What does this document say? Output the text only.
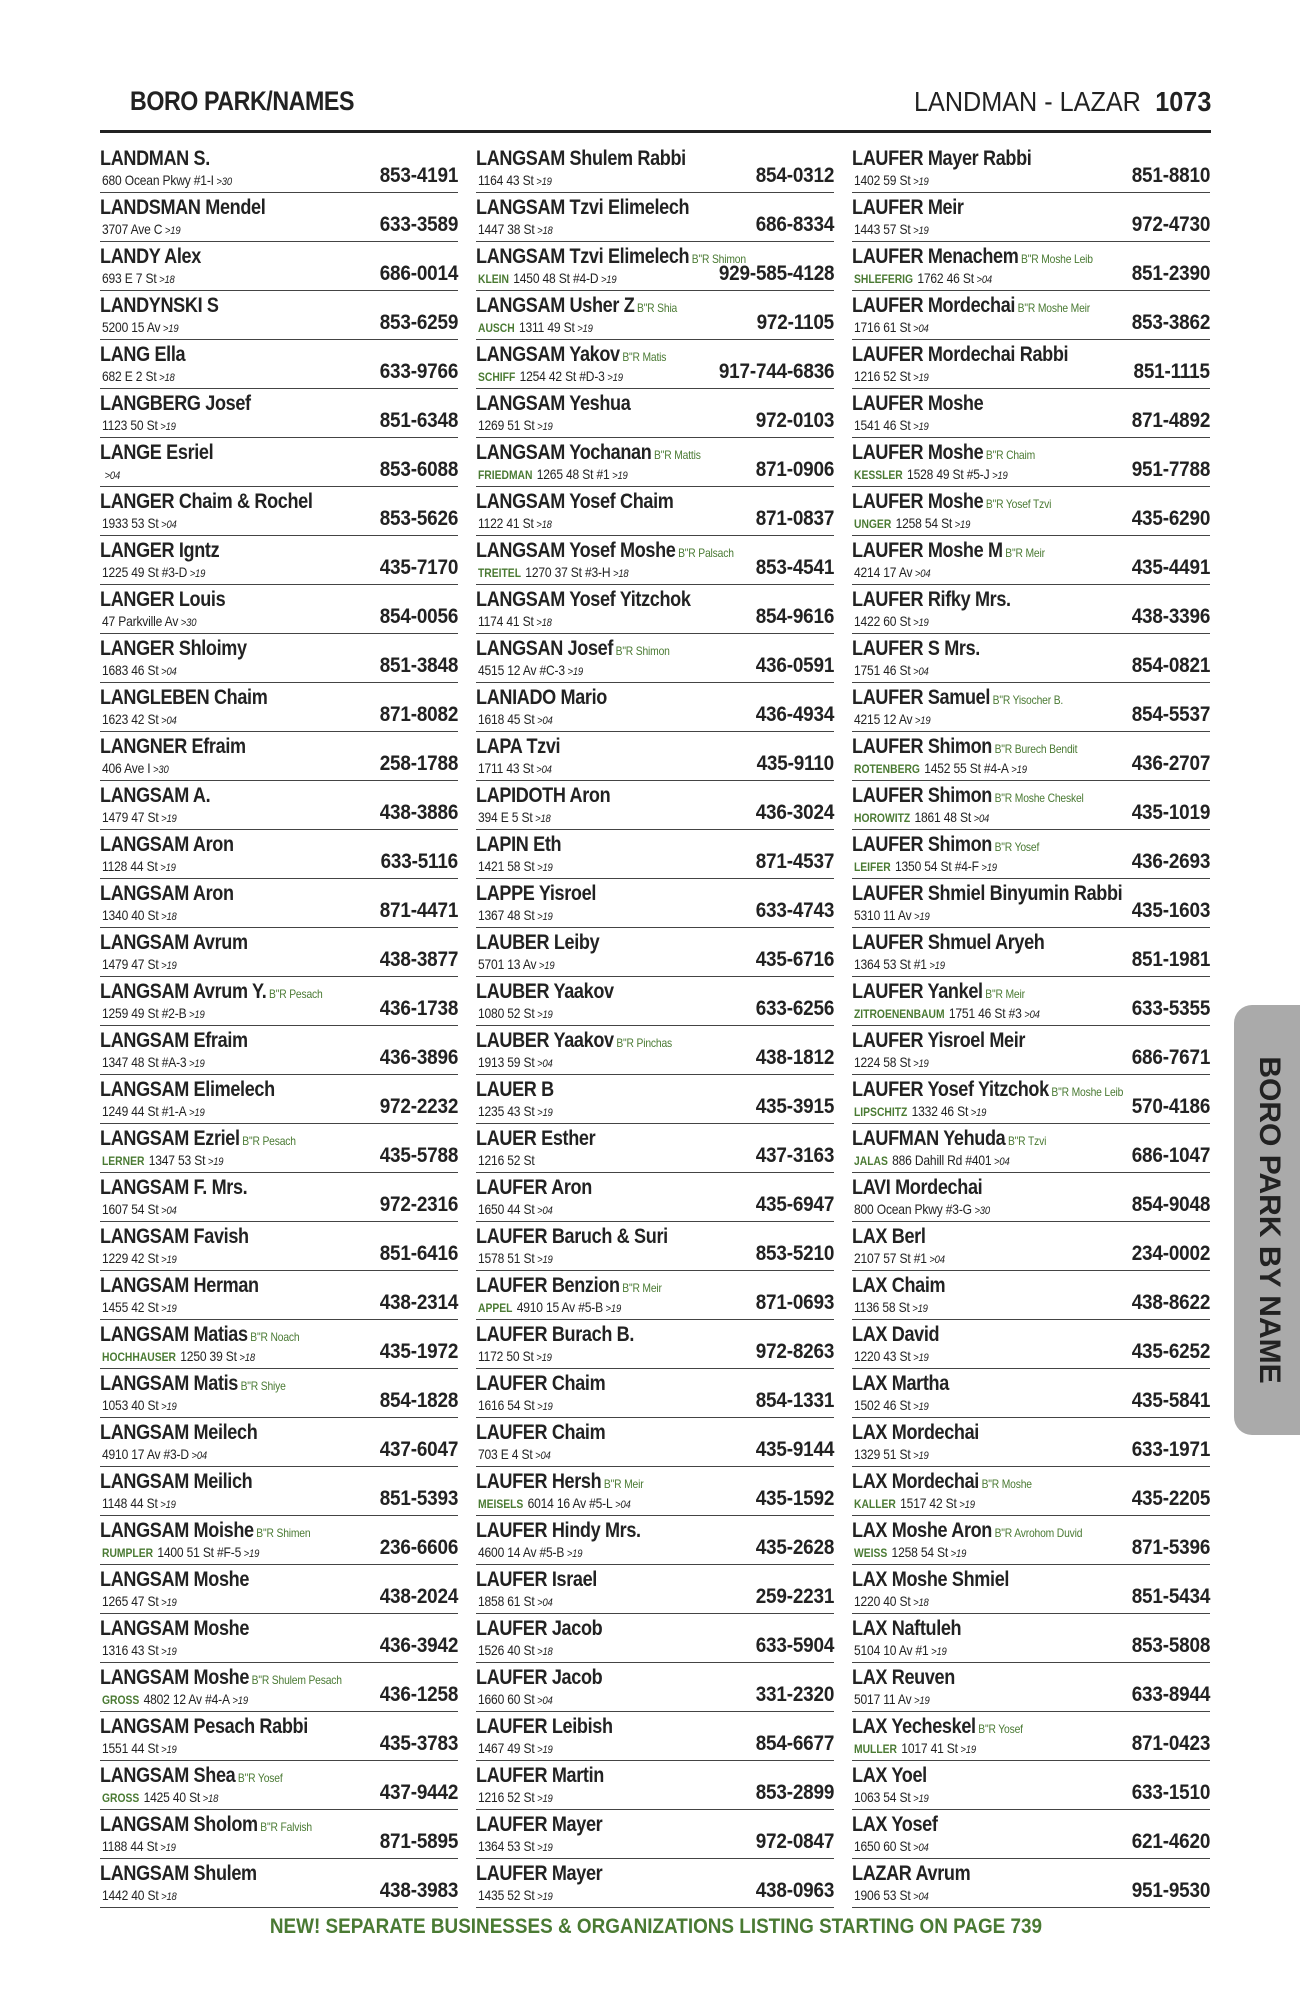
BORO PARK/NAMES	LANDMAN - LAZAR 1073
LANDMAN S.
680 Ocean Pkwy #1-I >30	853-4191
LANDSMAN Mendel
3707 Ave C >19	633-3589
LANDY Alex
693 E 7 St >18	686-0014
LANDYNSKI S
5200 15 Av >19	853-6259
LANG Ella
682 E 2 St >18	633-9766
LANGBERG Josef
1123 50 St >19	851-6348
LANGE Esriel
>04	853-6088
LANGER Chaim & Rochel
1933 53 St >04	853-5626
LANGER Igntz
1225 49 St #3-D >19	435-7170
LANGER Louis
47 Parkville Av >30	854-0056
LANGER Shloimy
1683 46 St >04	851-3848
LANGLEBEN Chaim
1623 42 St >04	871-8082
LANGNER Efraim
406 Ave I >30	258-1788
LANGSAM A.
1479 47 St >19	438-3886
LANGSAM Aron
1128 44 St >19	633-5116
LANGSAM Aron
1340 40 St >18	871-4471
LANGSAM Avrum
1479 47 St >19	438-3877
LANGSAM Avrum Y. B"R Pesach
1259 49 St #2-B >19	436-1738
LANGSAM Efraim
1347 48 St #A-3 >19	436-3896
LANGSAM Elimelech
1249 44 St #1-A >19	972-2232
LANGSAM Ezriel B"R Pesach
LERNER 1347 53 St >19	435-5788
LANGSAM F. Mrs.
1607 54 St >04	972-2316
LANGSAM Favish
1229 42 St >19	851-6416
LANGSAM Herman
1455 42 St >19	438-2314
LANGSAM Matias B"R Noach
HOCHHAUSER 1250 39 St >18	435-1972
LANGSAM Matis B"R Shiye
1053 40 St >19	854-1828
LANGSAM Meilech
4910 17 Av #3-D >04	437-6047
LANGSAM Meilich
1148 44 St >19	851-5393
LANGSAM Moishe B"R Shimen
RUMPLER 1400 51 St #F-5 >19	236-6606
LANGSAM Moshe
1265 47 St >19	438-2024
LANGSAM Moshe
1316 43 St >19	436-3942
LANGSAM Moshe B"R Shulem Pesach
GROSS 4802 12 Av #4-A >19	436-1258
LANGSAM Pesach Rabbi
1551 44 St >19	435-3783
LANGSAM Shea B"R Yosef
GROSS 1425 40 St >18	437-9442
LANGSAM Sholom B"R Falvish
1188 44 St >19	871-5895
LANGSAM Shulem
1442 40 St >18	438-3983
LANGSAM Shulem Rabbi
1164 43 St >19	854-0312
LANGSAM Tzvi Elimelech
1447 38 St >18	686-8334
LANGSAM Tzvi Elimelech B"R Shimon
KLEIN 1450 48 St #4-D >19	929-585-4128
LANGSAM Usher Z B"R Shia
AUSCH 1311 49 St >19	972-1105
LANGSAM Yakov B"R Matis
SCHIFF 1254 42 St #D-3 >19	917-744-6836
LANGSAM Yeshua
1269 51 St >19	972-0103
LANGSAM Yochanan B"R Mattis
FRIEDMAN 1265 48 St #1 >19	871-0906
LANGSAM Yosef Chaim
1122 41 St >18	871-0837
LANGSAM Yosef Moshe B"R Palsach
TREITEL 1270 37 St #3-H >18	853-4541
LANGSAM Yosef Yitzchok
1174 41 St >18	854-9616
LANGSAN Josef B"R Shimon
4515 12 Av #C-3 >19	436-0591
LANIADO Mario
1618 45 St >04	436-4934
LAPA Tzvi
1711 43 St >04	435-9110
LAPIDOTH Aron
394 E 5 St >18	436-3024
LAPIN Eth
1421 58 St >19	871-4537
LAPPE Yisroel
1367 48 St >19	633-4743
LAUBER Leiby
5701 13 Av >19	435-6716
LAUBER Yaakov
1080 52 St >19	633-6256
LAUBER Yaakov B"R Pinchas
1913 59 St >04	438-1812
LAUER B
1235 43 St >19	435-3915
LAUER Esther
1216 52 St	437-3163
LAUFER Aron
1650 44 St >04	435-6947
LAUFER Baruch & Suri
1578 51 St >19	853-5210
LAUFER Benzion B"R Meir
APPEL 4910 15 Av #5-B >19	871-0693
LAUFER Burach B.
1172 50 St >19	972-8263
LAUFER Chaim
1616 54 St >19	854-1331
LAUFER Chaim
703 E 4 St >04	435-9144
LAUFER Hersh B"R Meir
MEISELS 6014 16 Av #5-L >04	435-1592
LAUFER Hindy Mrs.
4600 14 Av #5-B >19	435-2628
LAUFER Israel
1858 61 St >04	259-2231
LAUFER Jacob
1526 40 St >18	633-5904
LAUFER Jacob
1660 60 St >04	331-2320
LAUFER Leibish
1467 49 St >19	854-6677
LAUFER Martin
1216 52 St >19	853-2899
LAUFER Mayer
1364 53 St >19	972-0847
LAUFER Mayer
1435 52 St >19	438-0963
LAUFER Mayer Rabbi
1402 59 St >19	851-8810
LAUFER Meir
1443 57 St >19	972-4730
LAUFER Menachem B"R Moshe Leib
SHLEFERIG 1762 46 St >04	851-2390
LAUFER Mordechai B"R Moshe Meir
1716 61 St >04	853-3862
LAUFER Mordechai Rabbi
1216 52 St >19	851-1115
LAUFER Moshe
1541 46 St >19	871-4892
LAUFER Moshe B"R Chaim
KESSLER 1528 49 St #5-J >19	951-7788
LAUFER Moshe B"R Yosef Tzvi
UNGER 1258 54 St >19	435-6290
LAUFER Moshe M B"R Meir
4214 17 Av >04	435-4491
LAUFER Rifky Mrs.
1422 60 St >19	438-3396
LAUFER S Mrs.
1751 46 St >04	854-0821
LAUFER Samuel B"R Yisocher B.
4215 12 Av >19	854-5537
LAUFER Shimon B"R Burech Bendit
ROTENBERG 1452 55 St #4-A >19	436-2707
LAUFER Shimon B"R Moshe Cheskel
HOROWITZ 1861 48 St >04	435-1019
LAUFER Shimon B"R Yosef
LEIFER 1350 54 St #4-F >19	436-2693
LAUFER Shmiel Binyumin Rabbi
5310 11 Av >19	435-1603
LAUFER Shmuel Aryeh
1364 53 St #1 >19	851-1981
LAUFER Yankel B"R Meir
ZITROENENBAUM 1751 46 St #3 >04	633-5355
LAUFER Yisroel Meir
1224 58 St >19	686-7671
LAUFER Yosef Yitzchok B"R Moshe Leib
LIPSCHITZ 1332 46 St >19	570-4186
LAUFMAN Yehuda B"R Tzvi
JALAS 886 Dahill Rd #401 >04	686-1047
LAVI Mordechai
800 Ocean Pkwy #3-G >30	854-9048
LAX Berl
2107 57 St #1 >04	234-0002
LAX Chaim
1136 58 St >19	438-8622
LAX David
1220 43 St >19	435-6252
LAX Martha
1502 46 St >19	435-5841
LAX Mordechai
1329 51 St >19	633-1971
LAX Mordechai B"R Moshe
KALLER 1517 42 St >19	435-2205
LAX Moshe Aron B"R Avrohom Duvid
WEISS 1258 54 St >19	871-5396
LAX Moshe Shmiel
1220 40 St >18	851-5434
LAX Naftuleh
5104 10 Av #1 >19	853-5808
LAX Reuven
5017 11 Av >19	633-8944
LAX Yecheskel B"R Yosef
MULLER 1017 41 St >19	871-0423
LAX Yoel
1063 54 St >19	633-1510
LAX Yosef
1650 60 St >04	621-4620
LAZAR Avrum
1906 53 St >04	951-9530
BORO PARK BY NAME
NEW! SEPARATE BUSINESSES & ORGANIZATIONS LISTING STARTING ON PAGE 739
